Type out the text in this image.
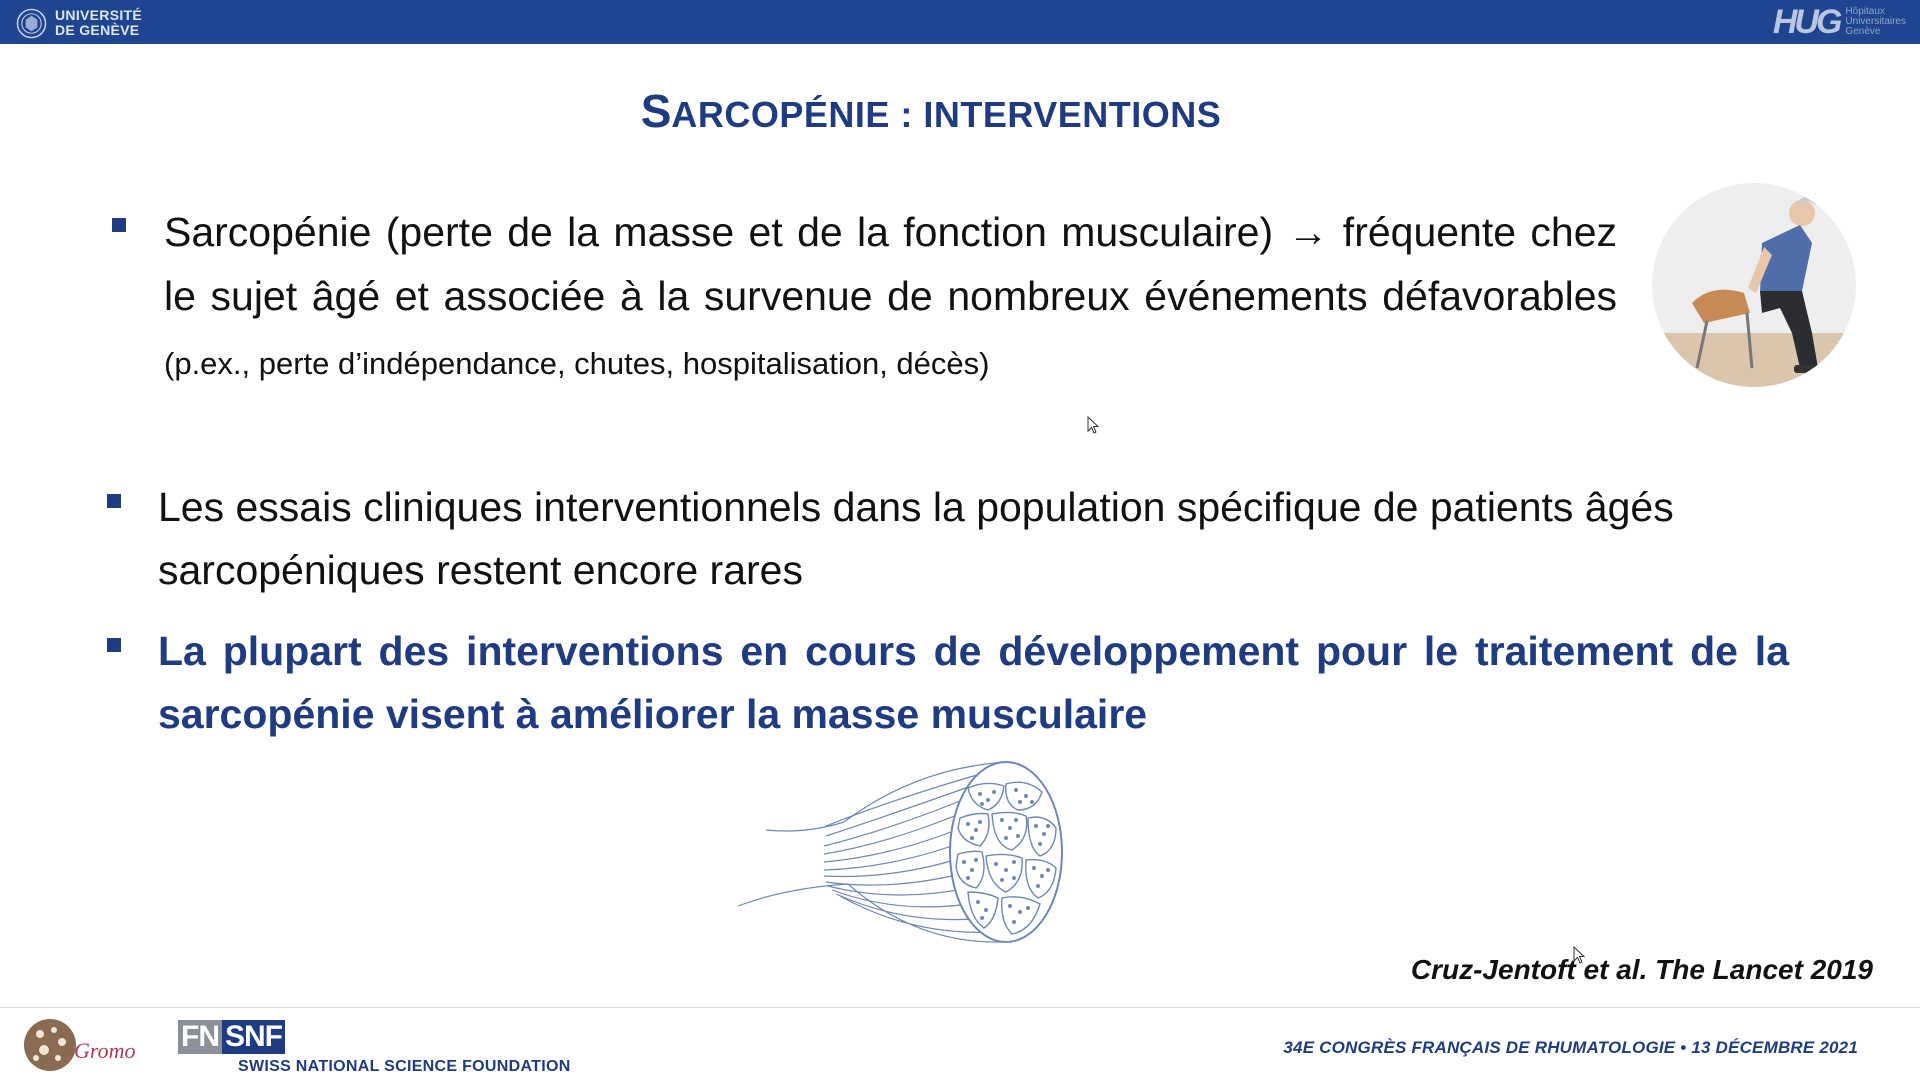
UNIVERSITÉ
DE GENÈVE	HUG Hôpitaux
Universitaires
Genève
SARCOPÉNIE : INTERVENTIONS
Sarcopénie (perte de la masse et de la fonction musculaire) → fréquente chez le sujet âgé et associée à la survenue de nombreux événements défavorables (p.ex., perte d’indépendance, chutes, hospitalisation, décès)
Les essais cliniques interventionnels dans la population spécifique de patients âgés sarcopéniques restent encore rares
La plupart des interventions en cours de développement pour le traitement de la sarcopénie visent à améliorer la masse musculaire
Cruz-Jentoft et al. The Lancet 2019
Gromo FN SNF
SWISS NATIONAL SCIENCE FOUNDATION
34E CONGRÈS FRANÇAIS DE RHUMATOLOGIE • 13 DÉCEMBRE 2021
